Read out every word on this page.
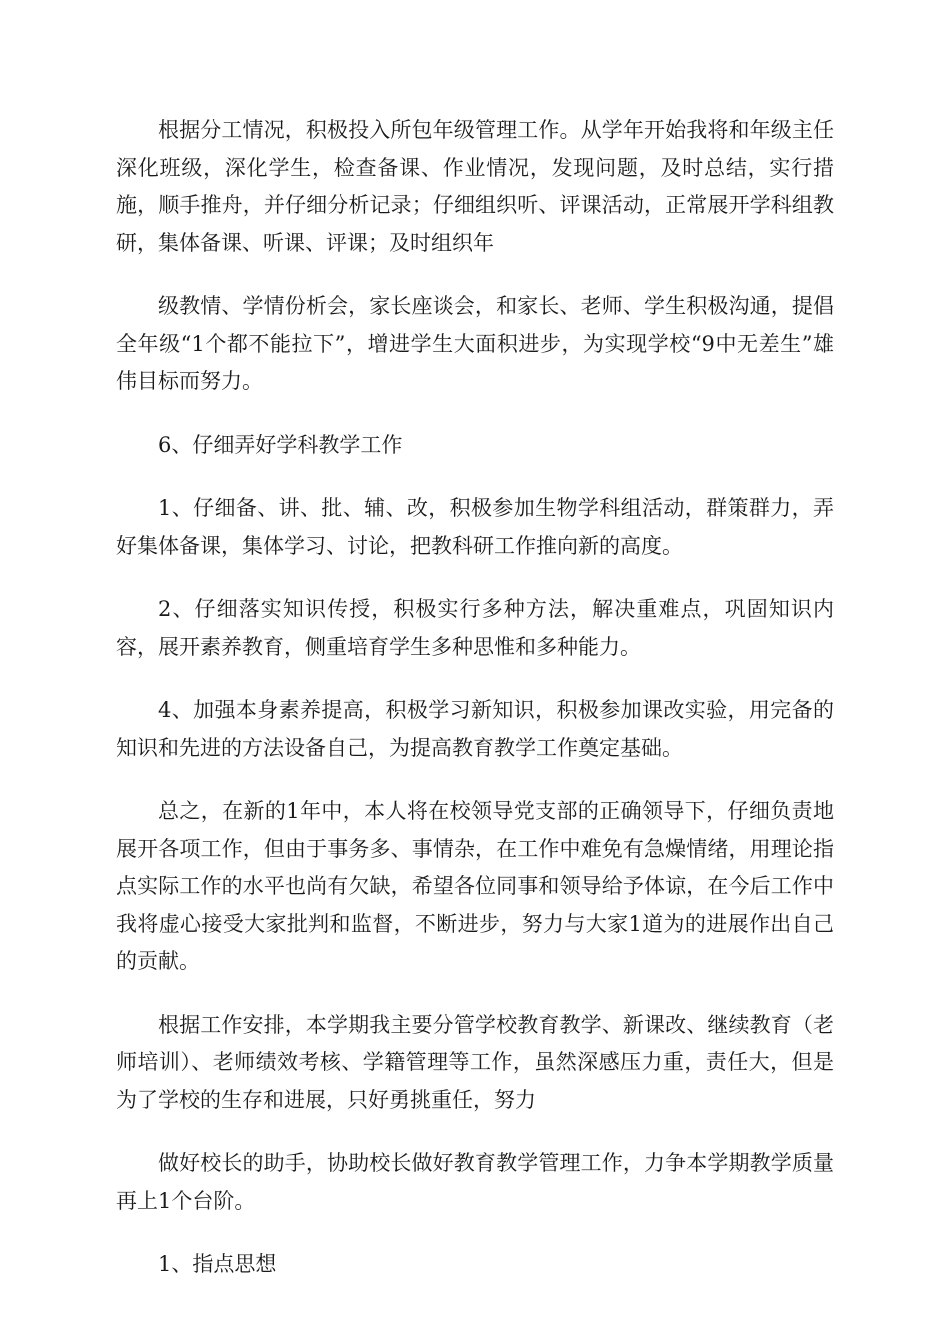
根据分工情况，积极投入所包年级管理工作。从学年开始我将和年级主任深化班级，深化学生，检查备课、作业情况，发现问题，及时总结，实行措施，顺手推舟，并仔细分析记录；仔细组织听、评课活动，正常展开学科组教研，集体备课、听课、评课；及时组织年

级教情、学情份析会，家长座谈会，和家长、老师、学生积极沟通，提倡全年级“1个都不能拉下”，增进学生大面积进步，为实现学校“9中无差生”雄伟目标而努力。

6、仔细弄好学科教学工作

1、仔细备、讲、批、辅、改，积极参加生物学科组活动，群策群力，弄好集体备课，集体学习、讨论，把教科研工作推向新的高度。

2、仔细落实知识传授，积极实行多种方法，解决重难点，巩固知识内容，展开素养教育，侧重培育学生多种思惟和多种能力。

4、加强本身素养提高，积极学习新知识，积极参加课改实验，用完备的知识和先进的方法设备自己，为提高教育教学工作奠定基础。

总之，在新的1年中，本人将在校领导党支部的正确领导下，仔细负责地展开各项工作，但由于事务多、事情杂，在工作中难免有急燥情绪，用理论指点实际工作的水平也尚有欠缺，希望各位同事和领导给予体谅，在今后工作中我将虚心接受大家批判和监督，不断进步，努力与大家1道为的进展作出自己的贡献。

根据工作安排，本学期我主要分管学校教育教学、新课改、继续教育（老师培训）、老师绩效考核、学籍管理等工作，虽然深感压力重，责任大，但是为了学校的生存和进展，只好勇挑重任，努力

做好校长的助手，协助校长做好教育教学管理工作，力争本学期教学质量再上1个台阶。

1、指点思想
